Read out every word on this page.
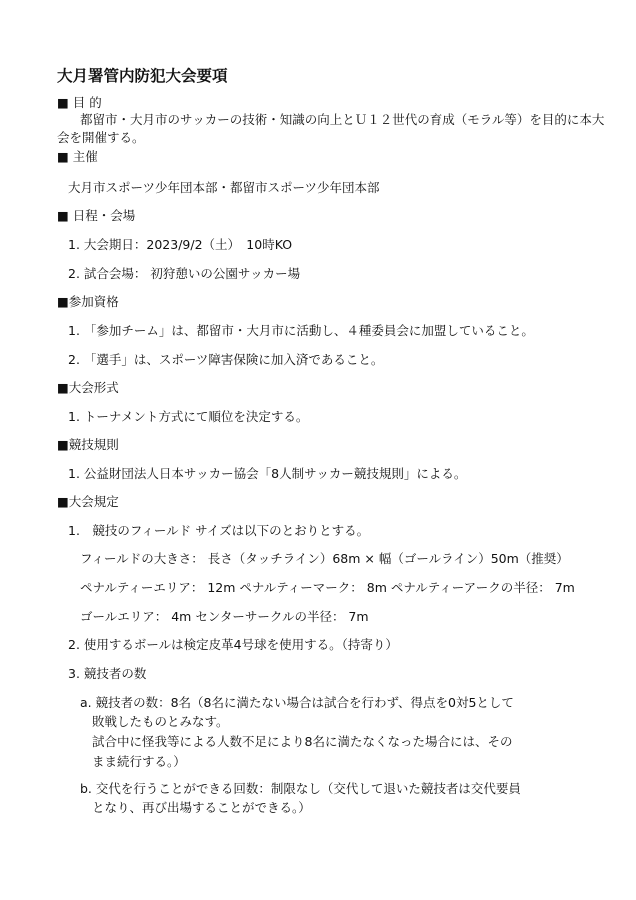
大月署管内防犯大会要項
■ 目 的
都留市・大月市のサッカーの技術・知識の向上とＵ１２世代の育成（モラル等）を目的に本大
会を開催する。
■ 主催
大月市スポーツ少年団本部・都留市スポーツ少年団本部
■ 日程・会場
1. 大会期日：2023/9/2（土）　10時KO
2. 試合会場： 初狩憩いの公園サッカー場
■参加資格
1. 「参加チーム」は、都留市・大月市に活動し、４種委員会に加盟していること。
2. 「選手」は、スポーツ障害保険に加入済であること。
■大会形式
1. トーナメント方式にて順位を決定する。
■競技規則
1. 公益財団法人日本サッカー協会「8人制サッカー競技規則」による。
■大会規定
1.　競技のフィールド サイズは以下のとおりとする。
フィールドの大きさ： 長さ（タッチライン）68m × 幅（ゴールライン）50m（推奨）
ペナルティーエリア： 12m ペナルティーマーク： 8m ペナルティーアークの半径： 7m
ゴールエリア： 4m センターサークルの半径： 7m
2. 使用するボールは検定皮革4号球を使用する。（持寄り）
3. 競技者の数
a. 競技者の数：8名（8名に満たない場合は試合を行わず、得点を0対5として
敗戦したものとみなす。
試合中に怪我等による人数不足により8名に満たなくなった場合には、その
まま続行する。）
b. 交代を行うことができる回数：制限なし（交代して退いた競技者は交代要員
となり、再び出場することができる。）
